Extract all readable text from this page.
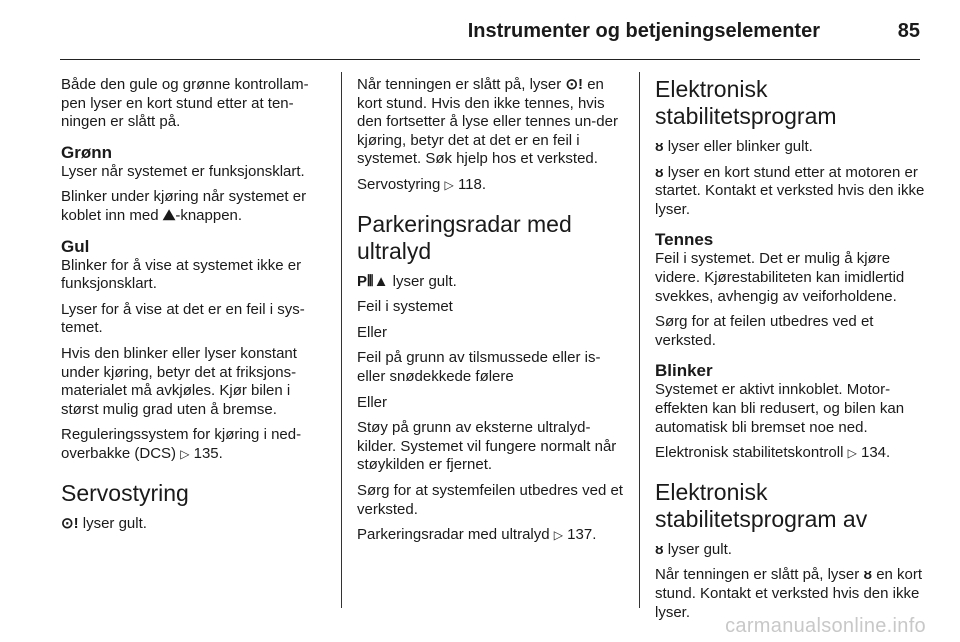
Instrumenter og betjeningselementer	85

Både den gule og grønne kontrollam-pen lyser en kort stund etter at ten-ningen er slått på.

Grønn

Lyser når systemet er funksjonsklart.

Blinker under kjøring når systemet er koblet inn med ⛰-knappen.

Gul

Blinker for å vise at systemet ikke er funksjonsklart.

Lyser for å vise at det er en feil i sys-temet.

Hvis den blinker eller lyser konstant under kjøring, betyr det at friksjons-materialet må avkjøles. Kjør bilen i størst mulig grad uten å bremse.

Reguleringssystem for kjøring i ned-overbakke (DCS) ▷ 135.

Servostyring

⊙! lyser gult.

Når tenningen er slått på, lyser ⊙! en kort stund. Hvis den ikke tennes, hvis den fortsetter å lyse eller tennes un-der kjøring, betyr det at det er en feil i systemet. Søk hjelp hos et verksted.

Servostyring ▷ 118.

Parkeringsradar med ultralyd

P⦀▲ lyser gult.

Feil i systemet

Eller

Feil på grunn av tilsmussede eller is- eller snødekkede følere

Eller

Støy på grunn av eksterne ultralyd-kilder. Systemet vil fungere normalt når støykilden er fjernet.

Sørg for at systemfeilen utbedres ved et verksted.

Parkeringsradar med ultralyd ▷ 137.

Elektronisk stabilitetsprogram

ᴕ lyser eller blinker gult.

ᴕ lyser en kort stund etter at motoren er startet. Kontakt et verksted hvis den ikke lyser.

Tennes

Feil i systemet. Det er mulig å kjøre videre. Kjørestabiliteten kan imidlertid svekkes, avhengig av veiforholdene.

Sørg for at feilen utbedres ved et verksted.

Blinker

Systemet er aktivt innkoblet. Motor-effekten kan bli redusert, og bilen kan automatisk bli bremset noe ned.

Elektronisk stabilitetskontroll ▷ 134.

Elektronisk stabilitetsprogram av

ᴕ lyser gult.

Når tenningen er slått på, lyser ᴕ en kort stund. Kontakt et verksted hvis den ikke lyser.

carmanualsonline.info
